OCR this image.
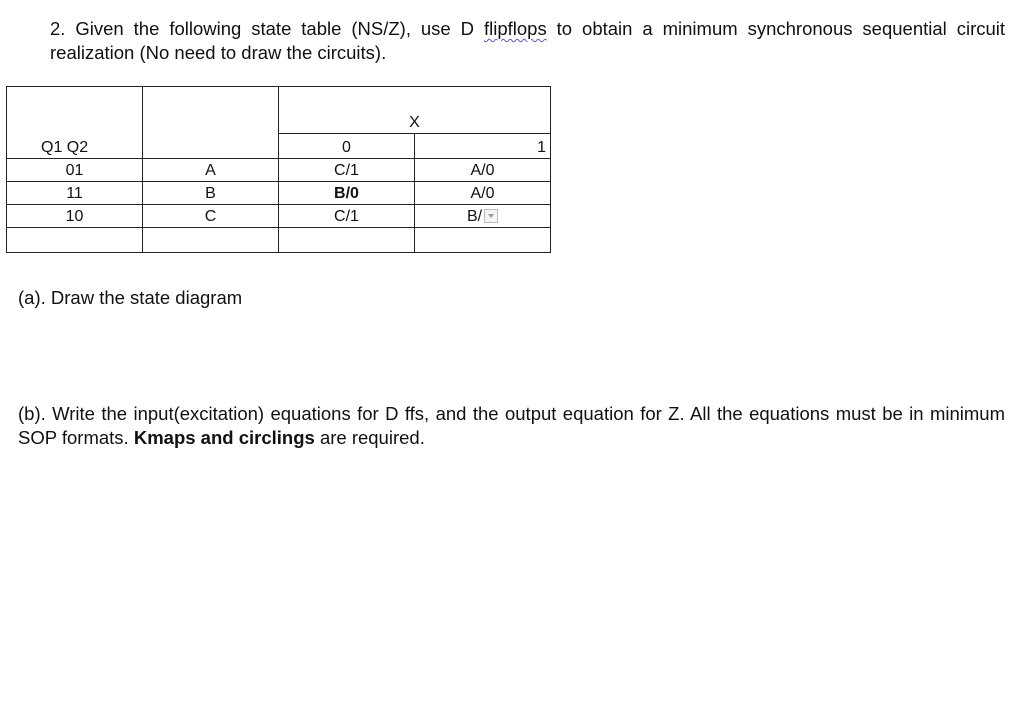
2. Given the following state table (NS/Z), use D flipflops to obtain a minimum synchronous sequential circuit realization (No need to draw the circuits).
		X	
Q1 Q2		0	1
01	A	C/1	A/0
11	B	B/0	A/0
10	C	C/1	B/

(a). Draw the state diagram
(b). Write the input(excitation) equations for D ffs, and the output equation for Z. All the equations must be in minimum SOP formats. Kmaps and circlings are required.
